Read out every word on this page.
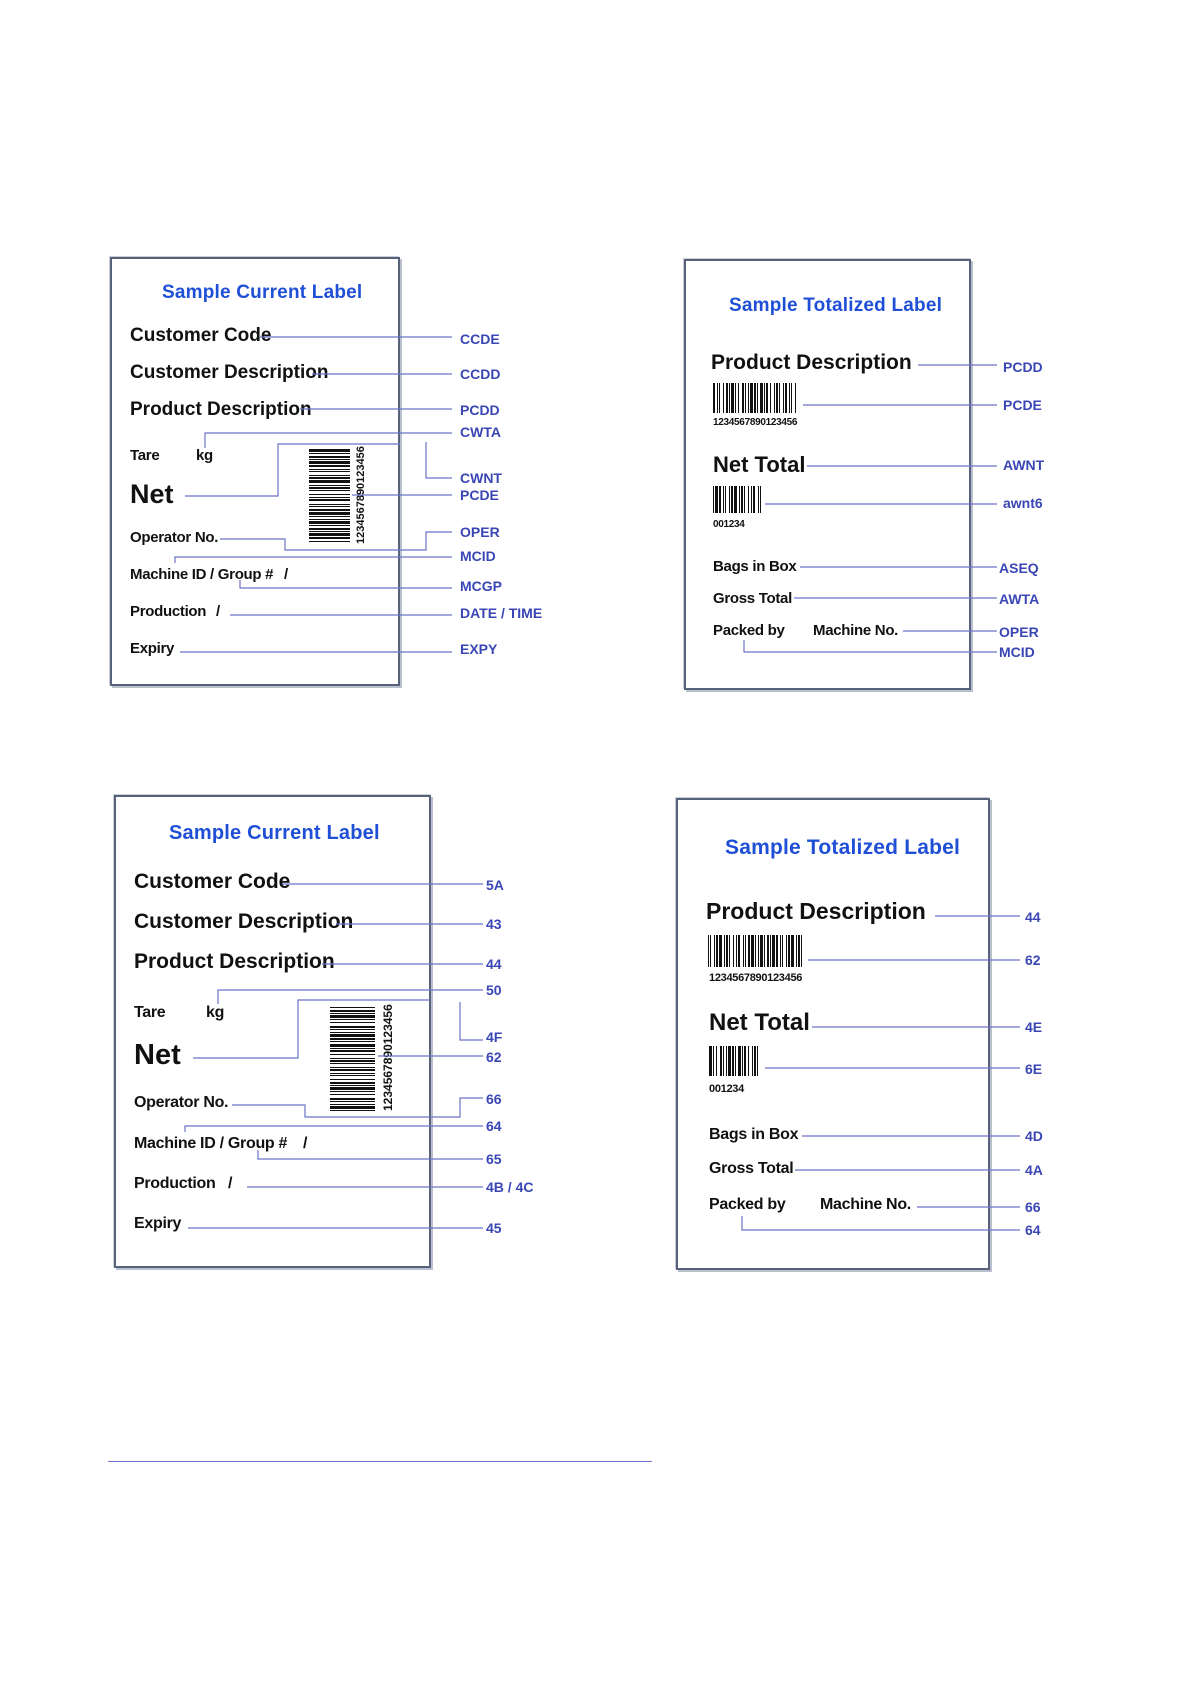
Sample Current Label
Customer Code
Customer Description
Product Description
Tare kg
Net
Operator No.
Machine ID / Group # /
Production /
Expiry
1234567890123456
CCDE
CCDD
PCDD
CWTA
CWNT
PCDE
OPER
MCID
MCGP
DATE / TIME
EXPY
Sample Totalized Label
Product Description
1234567890123456
Net Total
001234
Bags in Box
Gross Total
Packed by Machine No.
PCDD
PCDE
AWNT
awnt6
ASEQ
AWTA
OPER
MCID
Sample Current Label
Customer Code
Customer Description
Product Description
Tare	kg
Net
Operator No.
Machine ID / Group # /
Production /
Expiry
1234567890123456
5A
43
44
50
4F
62
66
64
65
4B / 4C
45
Sample Totalized Label
Product Description
1234567890123456
Net Total
001234
Bags in Box
Gross Total
Packed by Machine No.
44
62
4E
6E
4D
4A
66
64
